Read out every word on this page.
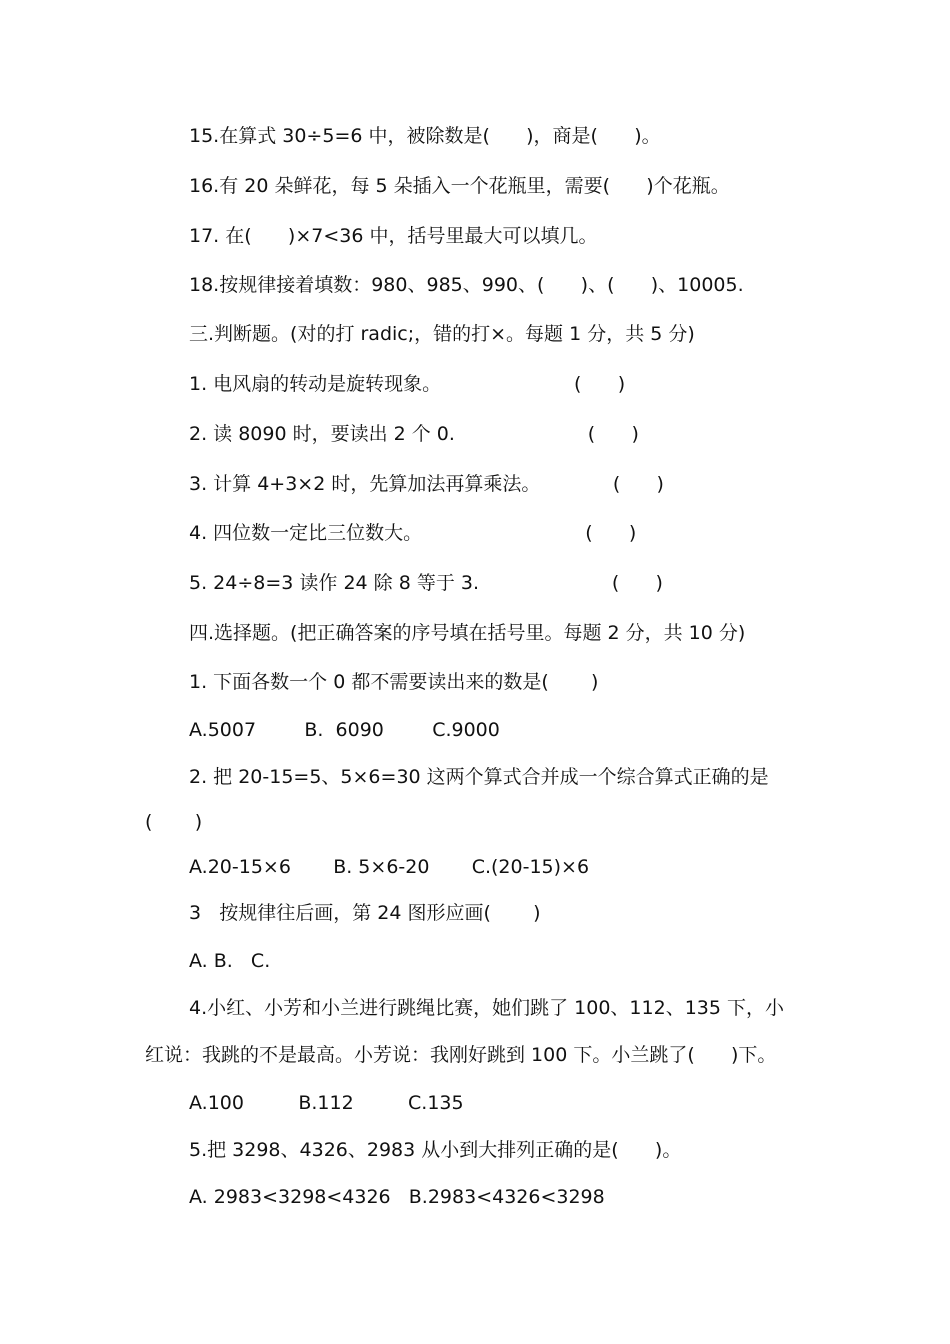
15.在算式 30÷5=6 中，被除数是(      )，商是(      )。
16.有 20 朵鲜花，每 5 朵插入一个花瓶里，需要(      )个花瓶。
17. 在(      )×7<36 中，括号里最大可以填几。
18.按规律接着填数：980、985、990、(      )、(      )、10005.
三.判断题。(对的打 radic;，错的打×。每题 1 分，共 5 分)
1. 电风扇的转动是旋转现象。                      (      )
2. 读 8090 时，要读出 2 个 0.                      (      )
3. 计算 4+3×2 时，先算加法再算乘法。            (      )
4. 四位数一定比三位数大。                           (      )
5. 24÷8=3 读作 24 除 8 等于 3.                      (      )
四.选择题。(把正确答案的序号填在括号里。每题 2 分，共 10 分)
1. 下面各数一个 0 都不需要读出来的数是(       )
A.5007        B.  6090        C.9000
2. 把 20-15=5、5×6=30 这两个算式合并成一个综合算式正确的是
(       )
A.20-15×6       B. 5×6-20       C.(20-15)×6
3   按规律往后画，第 24 图形应画(       )
A. B.   C.
4.小红、小芳和小兰进行跳绳比赛，她们跳了 100、112、135 下，小
红说：我跳的不是最高。小芳说：我刚好跳到 100 下。小兰跳了(      )下。
A.100         B.112         C.135
5.把 3298、4326、2983 从小到大排列正确的是(      )。
A. 2983<3298<4326   B.2983<4326<3298
